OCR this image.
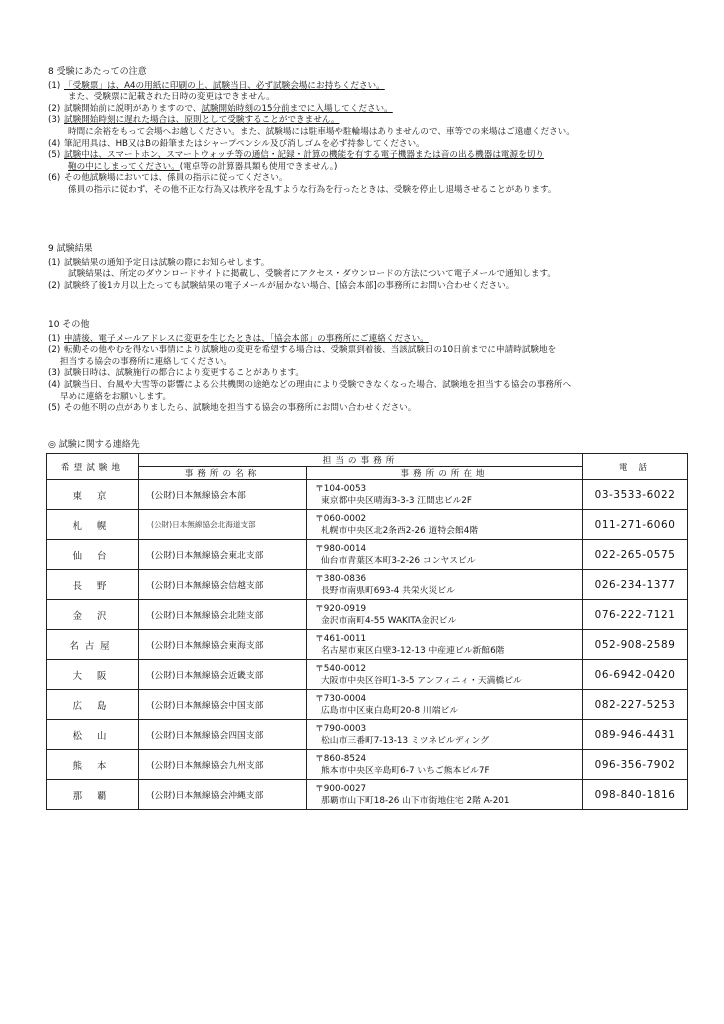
8 受験にあたっての注意
(1) 「受験票」は、A4の用紙に印刷の上、試験当日、必ず試験会場にお持ちください。
また、受験票に記載された日時の変更はできません。
(2) 試験開始前に説明がありますので、試験開始時刻の15分前までに入場してください。
(3) 試験開始時刻に遅れた場合は、原則として受験することができません。
時間に余裕をもって会場へお越しください。また、試験場には駐車場や駐輪場はありませんので、車等での来場はご遠慮ください。
(4) 筆記用具は、HB又はBの鉛筆またはシャープペンシル及び消しゴムを必ず持参してください。
(5) 試験中は、スマートホン、スマートウォッチ等の通信・記録・計算の機能を有する電子機器または音の出る機器は電源を切り
鞄の中にしまってください。(電卓等の計算器具類も使用できません。)
(6) その他試験場においては、係員の指示に従ってください。
係員の指示に従わず、その他不正な行為又は秩序を乱すような行為を行ったときは、受験を停止し退場させることがあります。
9 試験結果
(1) 試験結果の通知予定日は試験の際にお知らせします。
試験結果は、所定のダウンロードサイトに掲載し、受験者にアクセス・ダウンロードの方法について電子メールで通知します。
(2) 試験終了後1カ月以上たっても試験結果の電子メールが届かない場合、[協会本部]の事務所にお問い合わせください。
10 その他
(1) 申請後、電子メールアドレスに変更を生じたときは、「協会本部」の事務所にご連絡ください。
(2) 転勤その他やむを得ない事情により試験地の変更を希望する場合は、受験票到着後、当該試験日の10日前までに申請時試験地を
担当する協会の事務所に連絡してください。
(3) 試験日時は、試験施行の都合により変更することがあります。
(4) 試験当日、台風や大雪等の影響による公共機関の途絶などの理由により受験できなくなった場合、試験地を担当する協会の事務所へ
早めに連絡をお願いします。
(5) その他不明の点がありましたら、試験地を担当する協会の事務所にお問い合わせください。
◎ 試験に関する連絡先
希望試験地	担当の事務所		電 話
	事務所の名称	事務所の所在地	
東 京	(公財)日本無線協会本部	〒104-0053
東京都中央区晴海3-3-3 江間忠ビル2F	03-3533-6022
札 幌	(公財)日本無線協会北海道支部	〒060-0002
札幌市中央区北2条西2-26 道特会館4階	011-271-6060
仙 台	(公財)日本無線協会東北支部	〒980-0014
仙台市青葉区本町3-2-26 コンヤスビル	022-265-0575
長 野	(公財)日本無線協会信越支部	〒380-0836
長野市南県町693-4 共栄火災ビル	026-234-1377
金 沢	(公財)日本無線協会北陸支部	〒920-0919
金沢市南町4-55 WAKITA金沢ビル	076-222-7121
名古屋	(公財)日本無線協会東海支部	〒461-0011
名古屋市東区白壁3-12-13 中産連ビル新館6階	052-908-2589
大 阪	(公財)日本無線協会近畿支部	〒540-0012
大阪市中央区谷町1-3-5 アンフィニィ・天満橋ビル	06-6942-0420
広 島	(公財)日本無線協会中国支部	〒730-0004
広島市中区東白島町20-8 川端ビル	082-227-5253
松 山	(公財)日本無線協会四国支部	〒790-0003
松山市三番町7-13-13 ミツネビルディング	089-946-4431
熊 本	(公財)日本無線協会九州支部	〒860-8524
熊本市中央区辛島町6-7 いちご熊本ビル7F	096-356-7902
那 覇	(公財)日本無線協会沖縄支部	〒900-0027
那覇市山下町18-26 山下市街地住宅 2階 A-201	098-840-1816
